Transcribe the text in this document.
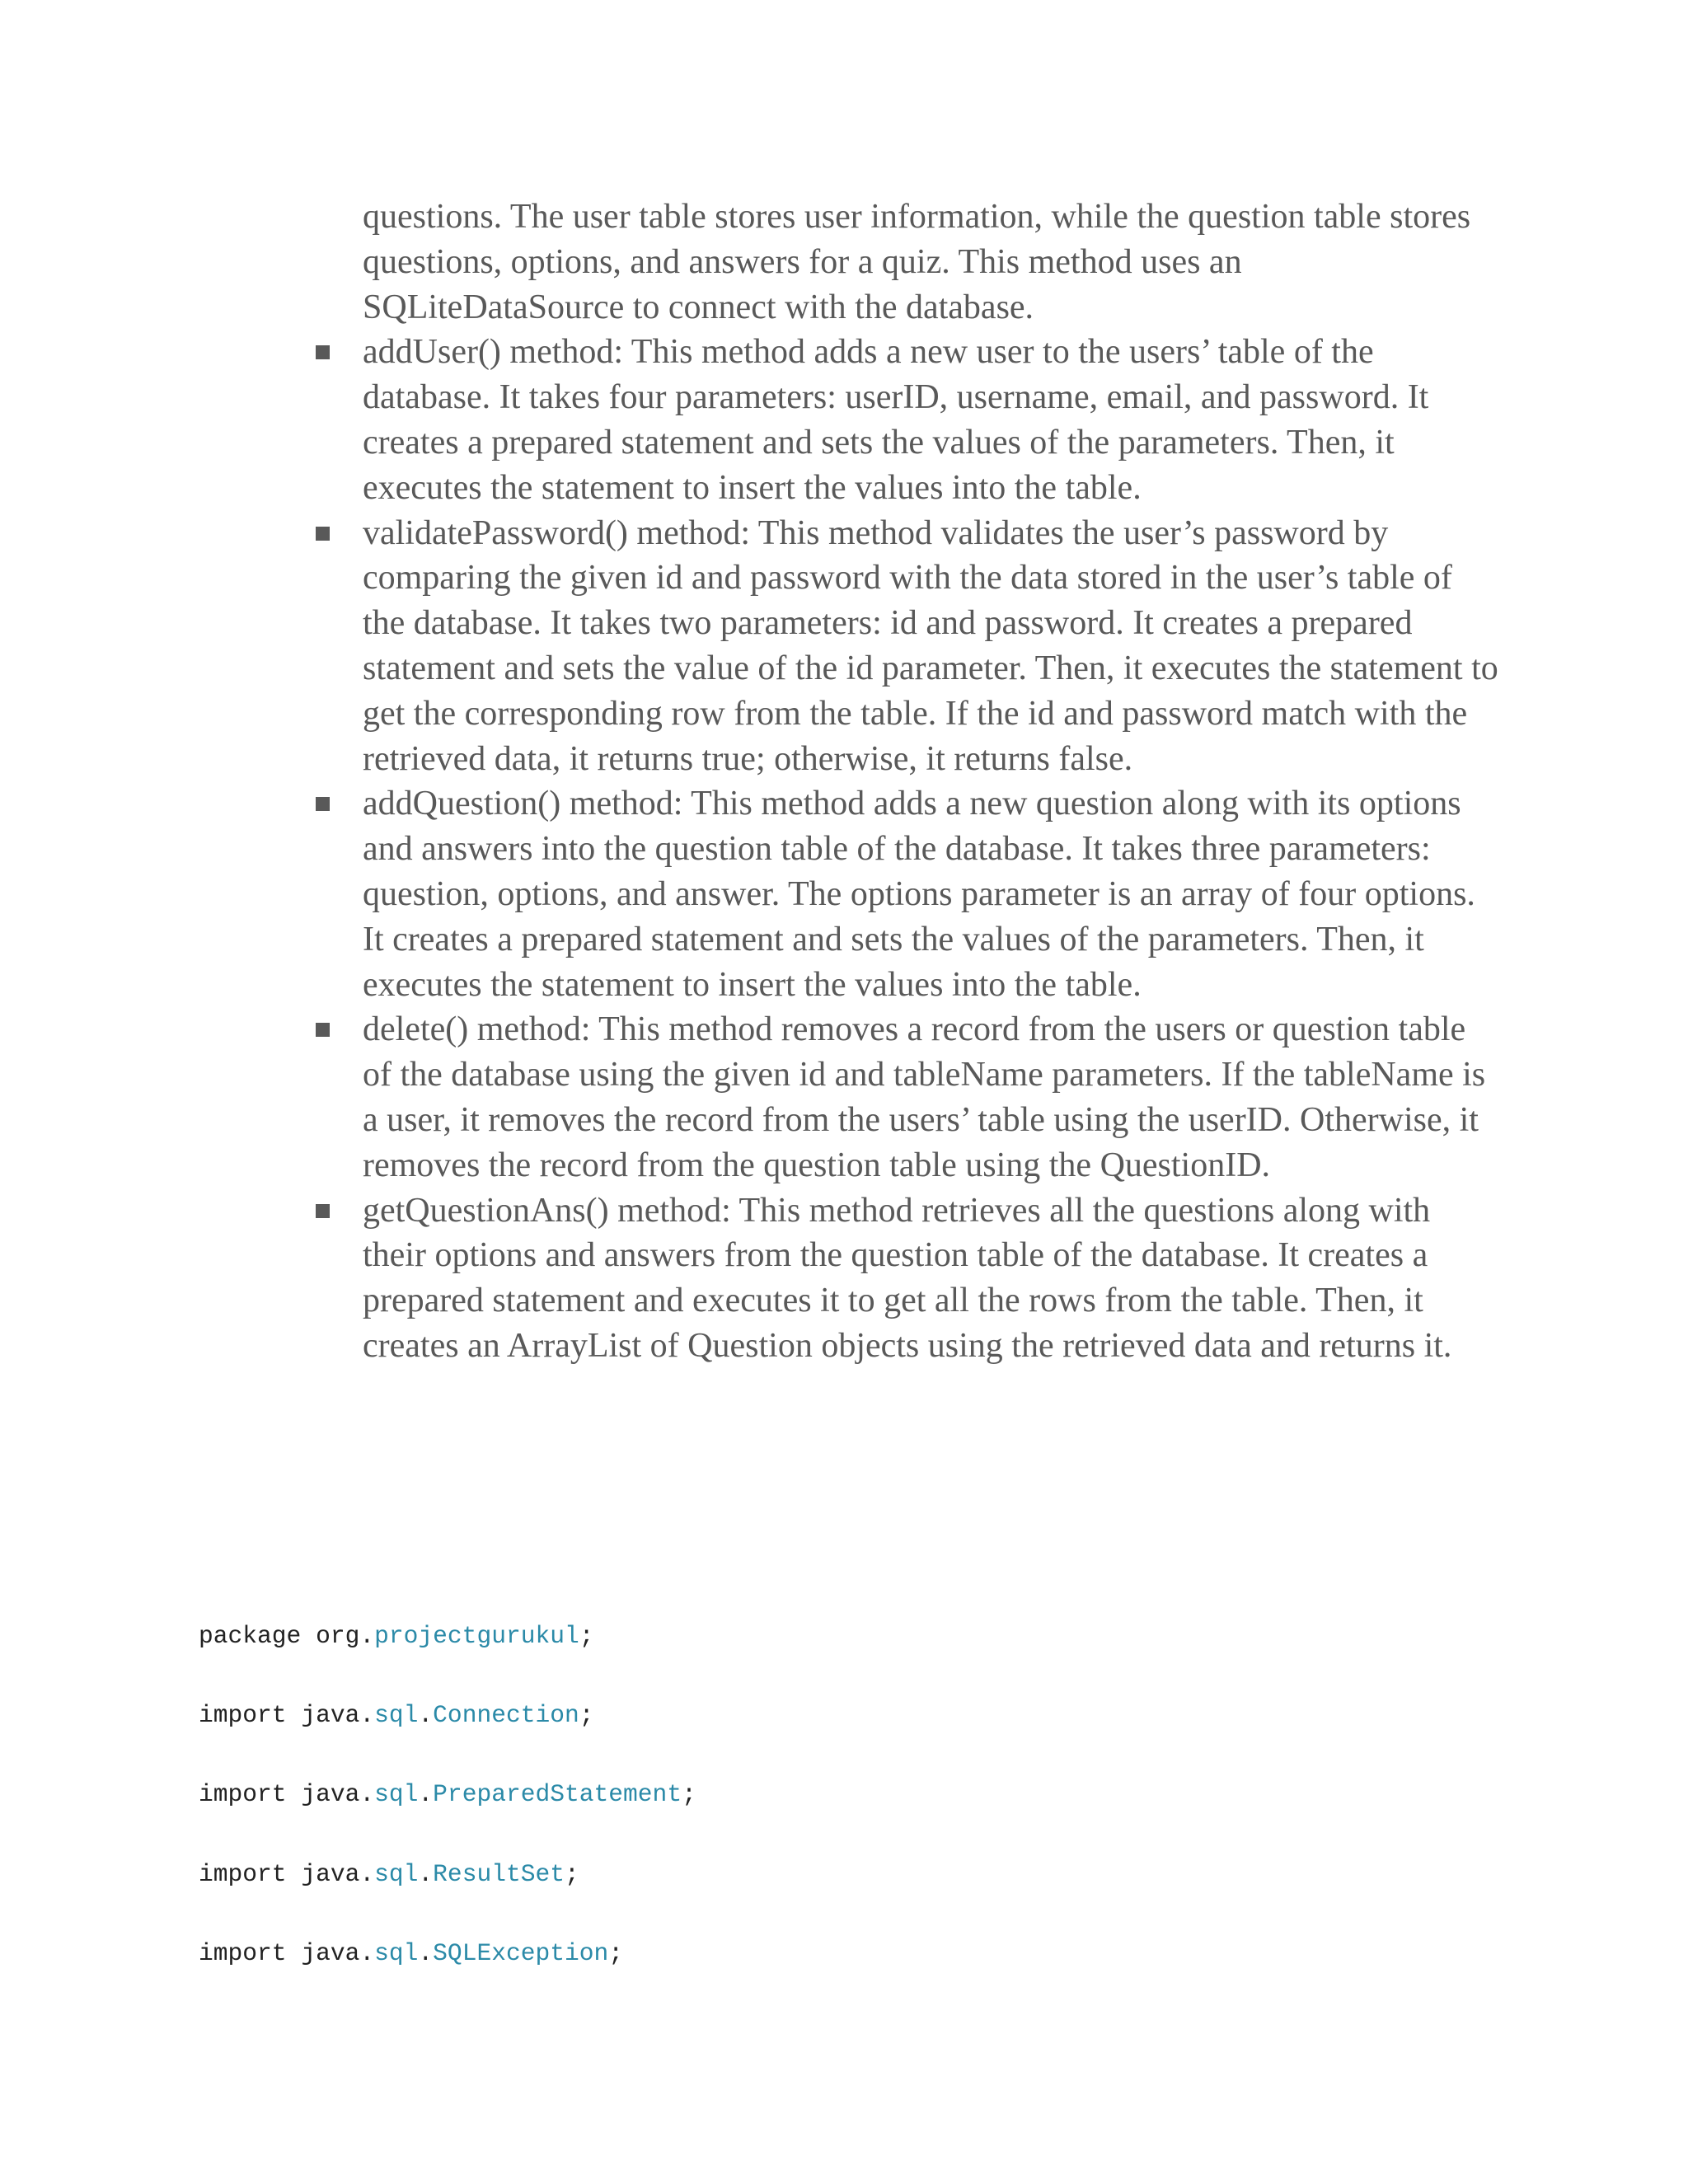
questions. The user table stores user information, while the question table stores questions, options, and answers for a quiz. This method uses an SQLiteDataSource to connect with the database.

addUser() method: This method adds a new user to the users’ table of the database. It takes four parameters: userID, username, email, and password. It creates a prepared statement and sets the values of the parameters. Then, it executes the statement to insert the values into the table.
validatePassword() method: This method validates the user’s password by comparing the given id and password with the data stored in the user’s table of the database. It takes two parameters: id and password. It creates a prepared statement and sets the value of the id parameter. Then, it executes the statement to get the corresponding row from the table. If the id and password match with the retrieved data, it returns true; otherwise, it returns false.
addQuestion() method: This method adds a new question along with its options and answers into the question table of the database. It takes three parameters: question, options, and answer. The options parameter is an array of four options. It creates a prepared statement and sets the values of the parameters. Then, it executes the statement to insert the values into the table.
delete() method: This method removes a record from the users or question table of the database using the given id and tableName parameters. If the tableName is a user, it removes the record from the users’ table using the userID. Otherwise, it removes the record from the question table using the QuestionID.
getQuestionAns() method: This method retrieves all the questions along with their options and answers from the question table of the database. It creates a prepared statement and executes it to get all the rows from the table. Then, it creates an ArrayList of Question objects using the retrieved data and returns it.
package org.projectgurukul;
import java.sql.Connection;
import java.sql.PreparedStatement;
import java.sql.ResultSet;
import java.sql.SQLException;
